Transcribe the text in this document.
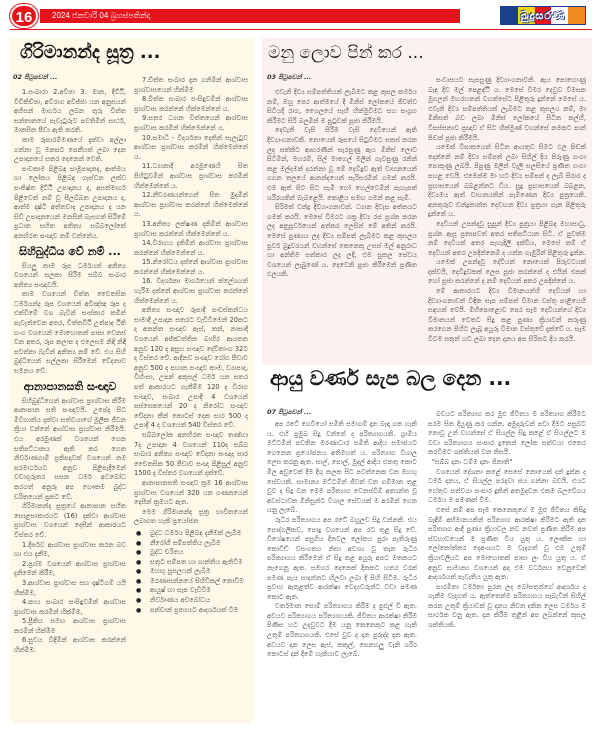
16	2024 ජනවාරි 04 බ්‍රහස්පතින්දා	බුදුසරණ
ගිරිමානන්ද සූත්‍ර ...
02 පිටුවෙන් ...

1.සංඛාරා 2.අවිඡා 3. මාන, දිට්ඨි, විචිකිච්ඡා, අවිරාග අවිජ්ජා යන අනුසයන් අභිසන් මාර්ගය ලබන තුරු චිත්ත සන්තානයේ පැවැටුරුව පවතිමින් සාර්ථ, මානසික පීඩා ඇති කරති.

කාම රූපාරම්මණයේ දැක්වා අල්ලා ගන්නා වූ මනසට පෙනීයත් ලබා දෙන උපාදානයේ සතර දෙනෙන් වෙති.

පංචකාම පිළිබඳ සාමූපාදානද, ආත්මය හා ලෝකය පිළිබඳ ගෑස්වන ලක්ව සංකිෂ්ත දිට්ඨි උපාදානය ද, අසත්මාර්ග පිළිවෙත් නම් වූ සීලබ්බත උපාදානය ද, ආත්ම දෘෂ්ටි අත්තවාද උපාදානය ද යන සිව් උපාදානයෙන් මනසින් බැසගත් සිරීමේ ප්‍රධාන සහිත අනිත්‍ය සබ්බලෝකේ අනභිරත සංඥාව නම් වන්නේය.

සිහිබුද්ධිය වේ නම් ...

සියලු කාම රූප ධර්මයන් අනිත්‍ය වශයෙන් සලකා සිරීම සබ්බ සංඛාර අනිත්‍ය සංඥාවයි.

කාම වශයෙන් චිත්ත චෛතසික ධර්මයන්ද රූප වශයෙන් අවිඤ්ඤ රූප ද එක්වීමේ වශ බැවින් සංස්කාර කමින් පැවැත්වෙන අතර, චිත්තවීථි උත්පාද ඨිති භංග වශයෙන් මොහොතක් පාසා වෙනස් වන අතර, රූප කලාප ද එලෙසම නිඳි නිඳී පවත්නා බැවින් අනිත්‍ය නම් වේ. එය සිහි බුද්ධියෙන් සල්ලකා සිරීමෙන් වේදනාව සමනය වේ.

ආනාපානසති සංඥාව

සිහිබුද්ධියෙන් ආශ්වාස ප්‍රාශ්වාස කිරීම ආනාපාන සති සංඥාවයි. උපේදා සිට මිවිහාන්ය දක්වා සත්වයාගේ මූලික ජීවන ක්‍රියා වන්නේ ආශ්වාස ප්‍රාශ්වාස කිරීමයි. එය අරමුණක් වශයෙන් ගෙන සතිපට්ඨානය ඇති කර ගෙන නිර්වාණගාමී ප්‍රතිපදාවක් වශයෙන් නම පරමාර්ථයට අනුව පිළිපැදීමෙන් වඩාගුරුතර සසන ධර්ම අවබෝධ කරගත් අනුරූ අප ගෞතම බුද්ධ චරිතයෙන් ප්‍රකට වේ.

ගිරිමානන්ද සූත්‍රයේ ආනාපාන සහිත සොළසාකාරයට (16) දක්වා ආශ්වාස ප්‍රාශ්වාස වශයෙන් දෙසීන් ආකාරයට විස්තර වේ.

1.දීර්ඝව ආශ්වාස ප්‍රාශ්වාස කරන බව හා එය දැනීම,

2.ප්‍රශ්ම වශයෙන් ආශ්වාස ප්‍රාශ්වාස දැනිමෙන් කිරීම,

3.ආශ්වාස ප්‍රාශ්වාස සහ දෘෂ්ටිගම් යයි හික්මීම,

4.කාය සංඛාර සංසිඳුවමින් ආශ්වාස ප්‍රාශ්වාස කරමින් හික්මීම,

5.ප්‍රීතිය සමඟ ආශ්වාස ප්‍රාශ්වාස කරමින් හික්මීම

6.සුවය විඳිමින් ආශ්වාස කරන්නේ හික්මීම.

7.චිත්ත සංඛාර දැන ගනිමින් ආශ්වාස ප්‍රාශ්වාසයෙන් හික්මීම

8.චිත්ත සංඛාර සංසිඳුවමින් ආශ්වාස ප්‍රාශ්වාස කරන්නේ හික්මෙන්නේ ය.

9.සතර ධ්‍යාන චිත්තයෙන් ආශ්වාස ප්‍රාශ්වාස කරමින් හික්මෙන්නේ ය.

10.සමාධි - විදර්ශනා දෙකින් සැලැටුව ආශ්වාස ප්‍රාශ්වාස කරමින් හික්මෙන්නේ ය.

11.ධ්‍යානාදී අරමුණෙහි සිත පිහිටුවමින් ආශ්වාස ප්‍රාශ්වාස කරමින් හික්මෙන්නේ ය.

12.නීවරණයන්ගෙන් සිත මුදමින් ආශ්වාස ප්‍රාශ්වාස කරන්නේ හික්මෙන්නේ ය.

13.අනිත්‍ය ලක්ෂණ දකිමින් ආශ්වාස ප්‍රාශ්වාස කරන්නේ හික්මෙන්නේ ය.

14.විරාගය දකිමින් ආශ්වාස ප්‍රාශ්වාස කරන්නේ හික්මෙන්නේ ය.

15.නිරෝධය දක්නේ ආශ්වාස ප්‍රාශ්වාස කරන්නේ හික්මෙන්නේ ය.

16. විදර්ශනා මාර්ගයෙන් ක්ලේශයන් හැරීම දක්නේ ආශ්වාස ප්‍රාශ්වාස කරන්නේ හික්මෙන්නේ ය.

අනිත්‍ය සංඥාව රූපාදී පංචස්කන්ධය සාමාදී උපාදාන සතරට වැඩිවීමෙන් 20කට ද අනන්ත සංඥාව ඇස්, කන්, නාසාදී වශයෙන් අජ්ඣත්තික බාහිර ආයතන අනුව 120 ද අසුභ සංඥාව දේවිතාංග 32ට ද විස්තර වේ. ආදීනව සංඥාව රෝග පීඩාව අනුව 500 ද පහාන සංඥාව කාම, ව්‍යාපාද, විහිංසා, උපන් අකුසල් ධර්ම යන සතර පත් ආකාරයට ගැනීමීම 120 ද විරාග සංඥාව, සංඛාර උපාදී 4 වශයෙන් පස්සෙකයෙන් 20 ද නිරෝධ සංඥාව වේදනා කීන් කොටස් දෙක සාර 500 ද උපාදී 4 ද වශයෙන් 540 විස්තර වේ.

සබ්බලෝක අනභිරත සංඥාව තණ්හා 7ද උපාදාන 4 වශයෙන් 110ද සබ්බ සංඛාර අනිත්‍ය සංඥාව වේදනා සංඥාද සාර චෛතසික 50 පීඩාව සංඥා පිළිසුල් අනුව 1500 ද විස්තර වශයෙන් දක්වේ.

ආනාපානසති සංඥාව ක්‍රම 16 ආශ්වාස ප්‍රාශ්වාස වශයෙන් 320 යන ගණනයෙන් දෙසීන් ක්‍රමයට ඇත.

මෙම ගිරිමානන්ද සූත්‍ර භාවිතයෙන් ලබාගත හැකි ප්‍රයෝජන

● බුද්ධ ධර්මය පිළිබඳ දැනීමක් ලැබීම
● නීරෝගී සම්පත්තිය ලැබීම
● බුද්ධ චරිතය
● සතුට සම්පත හා ශාන්තිය ඇතිවීම
● මහඟු සුසලයක් ලැබීම
● මරණාසන්නයේ සිහිවිකල් නොවීම
● ආයුෂ් හා සැප වැඩිවීම
● නිර්වාණය අවබෝධය
● පන්චාන් ප්‍රත්‍යයට ආදර්ශයක් වීම
මනු ලොව පින් කර ...
03 පිටුවෙන් ...

එවැනි දිව්‍ය සම්පත්තියක් ලැබීමට කළ කුසල කර්මය නම්, ඔහු පෙර ආත්මයේ දී මිනිස් ලෝකයේ ජීවත්ව සිටියදී රාග, ශෛලයේ සෑහී හික්මුවීමට සහ සංග්‍රහ කිරීමට සිරි බලමින් ම පුටුවක් පූජා කිරීමයි.

දෙවැනි වැසි සිරීම වැසි දෙවියෙන් ඇති දිව්‍යාංගනාවකි. නොයෙන් රූපයේ සිටුවීමට සකස් කරන ලද සත්කිට ආභරණීන් සැරසුණු ඇය මිනිස් ලොව සිටිමින්, මහරම්, සිල් මාගෙල් මලින් ගැවසුණු රනින් කළ මල්දමක් දරන්නා වූ මේ දෙවිදුව ඇත් වාහනයෙන් ගගන තලයේ ආනන්දයෙන් සැරිසරමින් ගමන් කරයි. එම ඇත් පිට සිට සැමි හෝ හෙල්වෙමින් පැහැපත් ශරීරයකින් බැබළෙයි. කොළිය සමඟ ගමන් කළ සැමි.

සිරිමත් වන්ද්‍ර දිව්‍යාංගනාවක්. ධ්‍යාන දිවැස අත්තයට ගමන් කරයි. මෙසේ විමරට ශක්‍ර දිව්‍ය රජ ප්‍රශ්න කරන ලද අනුපූර්වයෙන් අත්කර ලෙසින් මේ අතින් කරයි. මෙසේ පුණ්‍යය ලද දිව්‍ය සම්පත් ලැබීමට කළ කුසලය පුර්ව බුදුවරයන් වහන්සේ කෙනෙකු උසස් මල් අනුරාධ හා අන්තිම සත්කාර ලද ලදී, එම සුකල සේවය වශයෙන් ලැබුණේ ය. දෙවෙනි පූජා කිරීමෙන් ප්‍රණීත ඵලයකි.

සංවාසයට සැපසුණු දිව්‍යාංගනාවකි. ඇය පොහොණු බැඳ දිව මල් පෙළඳ්ඨි ය. මෙසේ විමර දෙවුව විමසන මුගලන් මහරහතන් වහන්සේට පිළිතුරු දුන්නේ මෙසේ ය. එවැනි දිව්‍ය සම්පත්තියක් ලැබීමට කළ කුසලය නම්, මා මිනිසත් බව ලබා මිනිස් ලෝකයේ සිටින කල්හී, විපස්සනාව ප්‍රඥාව ඒ සිට හික්මුණ් වහන්සේ නමකට පාන් පිඬක් පූජා කිරීමයි.

යමෙක් විපාකයෙන් සිටින ආයතුව සිමට ඵල පිඬක් දෙන්නේ නම් දිව්‍ය සම්පත් ලබා සිහිල් දිය පිරුණු ගංගා පොකුණු ලබයි. පිපුණු මලින් වැලි සලසියේ ප්‍රණීත ගංගා පහළ වෙයි. එමෙන්ම මා හට දිව්‍ය සම්පත් ද ලැබී සිරාර ද ප්‍රභාසයෙන් බබළන්නට විය. සුදු ප්‍රභාසයෙන් බබළන, දිව්‍යමය ඇත් වාහනයකින් පැමිණෙන දිව්‍ය පුත්‍රයෙකි. අනතුරුව චන්ද්‍රකාන්ත දෙවඟන දිව්‍ය පුත්‍රයා ගැන පිළිතුරු දුන්නේ ය.

දෙවියන් උපන්දවූ සුපුන් දිව්‍ය පුත්‍රයා පිළිබඳ මහාසාධු, ප්‍රශ්න ඇසූ ප්‍රතාපවත් අතර සතිපට්ඨාන සිටී. ඒ පුවත්ම නම් දෙවියන් අතර පැහැදිලි දක්විය, මෙසේ නම් ඒ දෙවියන් අතර උපදින්නෙමි ද යන්න ගැඹුරින් පිළිතුරු දුන්න.

යමෙක් උපන්දවූ දේවියන් නොයෙක් පිරුවටයක් දක්වයි, දෙවිදුවකක් ලෙස පූජා කරන්නේ ද එයින් එකක් හෝ පූජා කරන්නේ ද නම් දෙවියන් අතර උපදින්නේ ය.

මේ ආකාරයට දිව්‍ය විමානයන්හි දෙවියන් හා දිව්‍යාංගනාවන් විඳින සැප සම්පත් විමාන වස්තු පාළියෙහි සඳහන් වෙයි. මිහිපොළොව පෙර සෑම දෙවියන්ගේ දිව්‍ය විමානයන් වෙතට සිදු කළ පුණ්‍ය ක්‍රියාවන් කරුණු කරගෙන පිහිට ලැබූ අයුරු විමාන වස්තුවේ දැක්වේ ය. සෑම විටම සතුන් හට ලබා දෙන දානය අප සිරිකට දිය කරයි.

ආයු වර්ණ සැප බල දෙන ...
07 පිටුවෙන් ...

අප රටේ ගෙවියෝ සමිති සමාගම් දෑත බැඳ ගත හැකි ය. එහි ප්‍රමුඛ සිදු වන්නේ ද පරිත්‍යාගයකි. ග්‍රාමීය මට්ටමින් පවතින මරණාධාර සමිති ආදිය සමාජයට ගෙනෙන ප්‍රයෝජනය අතිමහත් ය. පරිත්‍යාග විශාල ලෙස කරනු ඇත. සාල්, පොල්, මුදල් ආදිය එකතු කොට මිල අඩුවෙන් දීම දිගු කලක සිට පවත්නෙක වන මහඟු සේවයකි. සාමාන්‍ය මට්ටමින් ජීවත් වන ගම්මාන තුළ වුව ද සිදු වන මෙම පරිත්‍යාග වෙනස්වීම් අත්‍යන්ත වූ අවස්ථාවක මිනිසුන්ට විශාල සේවයක් ම අරමින් ගෙන යනු ලැබේ.

රුධිර පරිත්‍යාගය අප රටේ බහුලව සිදු වන්නකි. එය පොද්ගලිකව, පොදු වශයෙන් අප රට තුළ සිදු වේ. විශේෂයෙන් පසුගිය දිනවල ලෝකය පුරා පැතිරුණු කොවිඩ් වසංගතය නිසා අවශ්‍ය වූ තැන රුධිර පරිත්‍යාගය කිරීමෙන් ඒ සිදු කළ අයුරු අපට මතකයට නැගෙනු ඇත. සමහර දෙනෙක් දිනකට හතර වරක් පමණ පැය සාදන්නට හිලවා ලබා දී සිහි සිටීම. රුධිර ප්‍රවාහ ඇතුළත්ව ආරක්ෂා වෙද්‍යවරුන්ට වඩා පමණ කොට ඇත.

වර්තමාන සොම් පරිත්‍යාගය කිරීම ද පුළුල් වී ඇත. අවයව පරිත්‍යාගය පරිත්‍යාගයකි. ජීවිතය ආරක්ෂා කිරීම පිණිස හට උදවුවට දීම යනු කෙනෙකුට කළ හැකි උතුම් පරිත්‍යාගයකි. එසේ වුව ද දාන පුරුද්ද දැක ඇත. අවයව දාන ලෙස ඇස්, කකුල්, පෙනහලු වැනි ශරීර කොටස් දන් දීමේ හැකියාව ලැබේ.

බවයට පරිත්‍යාග කර මුළු ජීවිතය ම පරිත්‍යාග කිරීමට පරම සිත දියුණු කර ගන්න. අමුදාරුවන් පවා දීමට පසුබට නොවූ උන් වහන්සේ ඒ සියල්ල සිදු කළේ ඒ සියල්ලට ම වඩා පරිත්‍යාගය සංසාර දුකෙන් ලෝක සත්වයා එතෙර කරවීමට ශක්තියක් වන නිසයි.

"සබ්බ දානං ධම්ම දානං ජිනාති"

වශයෙන් දේශනා කළේ සෙසේ නොයෙක් දන් දුන්න ද ධර්ම දානය, ඒ සියල්ල පරදවා ජය ගන්නා බවයි. එයට හේතුව සත්වයා සංසාර දුකින් අතමුදවන එකම බලවේගය ධර්මය ම පමණක් වීම.

එසේ නම් අප සෑම කෙනෙකුගේ ම මුළු ජීවිතය කිසිදු බැඳීම් අභිමානයකින් පරිත්‍යාග ආරක්ෂා කිරීමට ඇති දාන පරිත්‍යාග ආදී පුණ්‍ය ක්‍රියාවල නව නවත් ප්‍රණීත කිරීම අප ස්වභාවයෙන් ම ප්‍රණීත විය යුතු ය. ලෞකික හා ලෝකෝත්තර දෙඅංශයට ම වැදගත් වූ එම උතුම් ක්‍රියාවලියට අප මොහොතක් පාසා ලං විය යුතු ය. ඒ අනුව සාමාන්‍ය වශයෙන් අද එම වර්ධනය වෙනුවෙන් ආදර්ශයක් පැවැතිය යුතු ඇත.

පාරමිතා ධර්මතා පුරන ලද බෝසතුන්ගේ ආදර්ශය ද ගැනීම වැදගත් ය. ඇත්තෙන්ම පරිත්‍යාගය සැබැවින් සිහිල් කරන උතුම් ක්‍රියාවක් වූ දානය නිවන දකින ලෙස ධර්මය ම සාර්ථක වනු ඇත. දාන කිරීම තුළින් අප ලබන්නේ කුසල ශක්තියකි.
